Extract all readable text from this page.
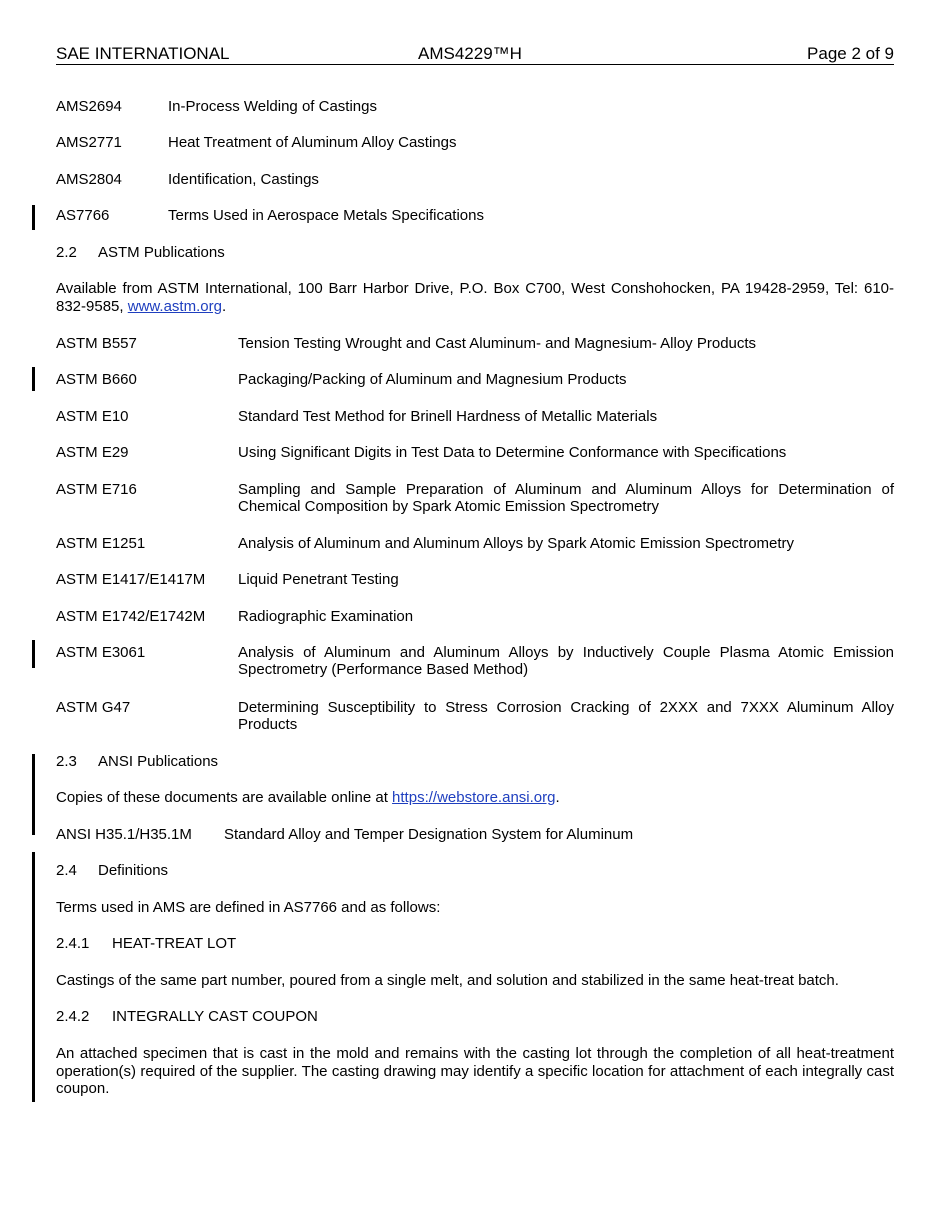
SAE INTERNATIONAL	AMS4229™H	Page 2 of 9
AMS2694	In-Process Welding of Castings
AMS2771	Heat Treatment of Aluminum Alloy Castings
AMS2804	Identification, Castings
AS7766	Terms Used in Aerospace Metals Specifications
2.2 ASTM Publications
Available from ASTM International, 100 Barr Harbor Drive, P.O. Box C700, West Conshohocken, PA 19428-2959, Tel: 610-832-9585, www.astm.org.
ASTM B557	Tension Testing Wrought and Cast Aluminum- and Magnesium- Alloy Products
ASTM B660	Packaging/Packing of Aluminum and Magnesium Products
ASTM E10	Standard Test Method for Brinell Hardness of Metallic Materials
ASTM E29	Using Significant Digits in Test Data to Determine Conformance with Specifications
ASTM E716	Sampling and Sample Preparation of Aluminum and Aluminum Alloys for Determination of Chemical Composition by Spark Atomic Emission Spectrometry
ASTM E1251	Analysis of Aluminum and Aluminum Alloys by Spark Atomic Emission Spectrometry
ASTM E1417/E1417M Liquid Penetrant Testing
ASTM E1742/E1742M Radiographic Examination
ASTM E3061	Analysis of Aluminum and Aluminum Alloys by Inductively Couple Plasma Atomic Emission Spectrometry (Performance Based Method)
ASTM G47	Determining Susceptibility to Stress Corrosion Cracking of 2XXX and 7XXX Aluminum Alloy Products
2.3 ANSI Publications
Copies of these documents are available online at https://webstore.ansi.org.
ANSI H35.1/H35.1M Standard Alloy and Temper Designation System for Aluminum
2.4 Definitions
Terms used in AMS are defined in AS7766 and as follows:
2.4.1 HEAT-TREAT LOT
Castings of the same part number, poured from a single melt, and solution and stabilized in the same heat-treat batch.
2.4.2 INTEGRALLY CAST COUPON
An attached specimen that is cast in the mold and remains with the casting lot through the completion of all heat-treatment operation(s) required of the supplier. The casting drawing may identify a specific location for attachment of each integrally cast coupon.
